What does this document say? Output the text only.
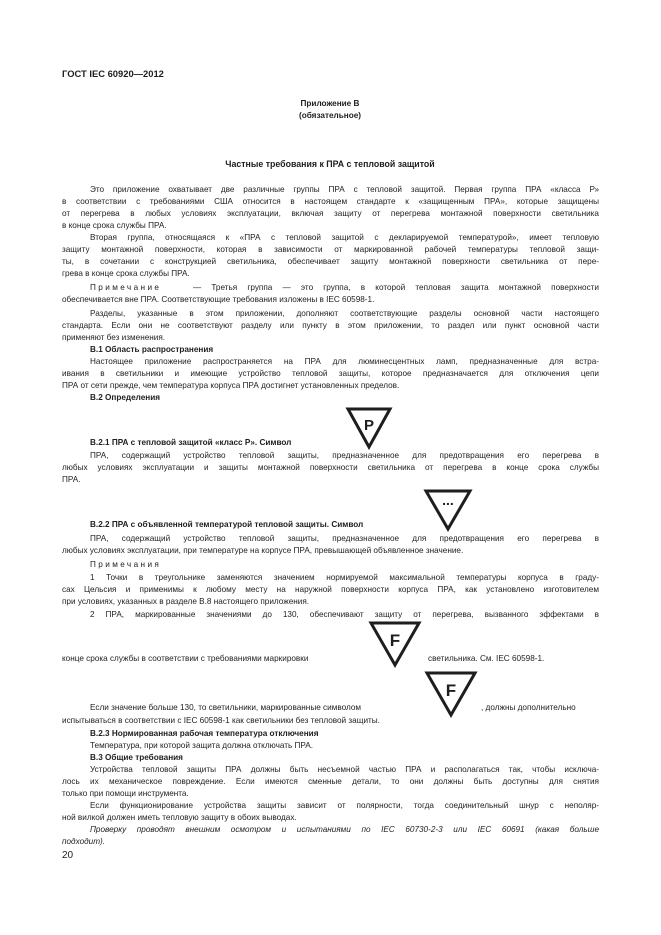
ГОСТ IEC 60920—2012
Приложение В
(обязательное)
Частные требования к ПРА с тепловой защитой
Это приложение охватывает две различные группы ПРА с тепловой защитой. Первая группа ПРА «класса Р»
в соответствии с требованиями США относится в настоящем стандарте к «защищенным ПРА», которые защищены
от перегрева в любых условиях эксплуатации, включая защиту от перегрева монтажной поверхности светильника
в конце срока службы ПРА.
Вторая группа, относящаяся к «ПРА с тепловой защитой с декларируемой температурой», имеет тепловую
защиту монтажной поверхности, которая в зависимости от маркированной рабочей температуры тепловой защи-
ты, в сочетании с конструкцией светильника, обеспечивает защиту монтажной поверхности светильника от пере-
грева в конце срока службы ПРА.
Примечание	— Третья группа — это группа, в которой тепловая защита монтажной поверхности
обеспечивается вне ПРА. Соответствующие требования изложены в IEC 60598-1.
Разделы, указанные в этом приложении, дополняют соответствующие разделы основной части настоящего
стандарта. Если они не соответствуют разделу или пункту в этом приложении, то раздел или пункт основной части
применяют без изменения.
В.1 Область распространения
Настоящее приложение распространяется на ПРА для люминесцентных ламп, предназначенные для встра-
ивания в светильники и имеющие устройство тепловой защиты, которое предназначается для отключения цепи
ПРА от сети прежде, чем температура корпуса ПРА достигнет установленных пределов.
В.2 Определения
P
В.2.1 ПРА с тепловой защитой «класс Р». Символ
ПРА, содержащий устройство тепловой защиты, предназначенное для предотвращения его перегрева в
любых условиях эксплуатации и защиты монтажной поверхности светильника от перегрева в конце срока службы
ПРА.
...
В.2.2 ПРА с объявленной температурой тепловой защиты. Символ
ПРА, содержащий устройство тепловой защиты, предназначенное для предотвращения его перегрева в
любых условиях эксплуатации, при температуре на корпусе ПРА, превышающей объявленное значение.
Примечания
1 Точки в треугольнике заменяются значением нормируемой максимальной температуры корпуса в граду-
сах Цельсия и применимы к любому месту на наружной поверхности корпуса ПРА, как установлено изготовителем
при условиях, указанных в разделе В.8 настоящего приложения.
2 ПРА, маркированные значениями до 130, обеспечивают защиту от перегрева, вызванного эффектами в
F
конце срока службы в соответствии с требованиями маркировки	светильника. См. IEC 60598-1.
F
Если значение больше 130, то светильники, маркированные символом	, должны дополнительно
испытываться в соответствии с IEC 60598-1 как светильники без тепловой защиты.
В.2.3 Нормированная рабочая температура отключения
Температура, при которой защита должна отключать ПРА.
В.3 Общие требования
Устройства тепловой защиты ПРА должны быть несъемной частью ПРА и располагаться так, чтобы исключа-
лось их механическое повреждение. Если имеются сменные детали, то они должны быть доступны для снятия
только при помощи инструмента.
Если функционирование устройства защиты зависит от полярности, тогда соединительный шнур с неполяр-
ной вилкой должен иметь тепловую защиту в обоих выводах.
Проверку проводят внешним осмотром и испытаниями по IEC 60730-2-3 или IEC 60691 (какая больше
подходит).
20
